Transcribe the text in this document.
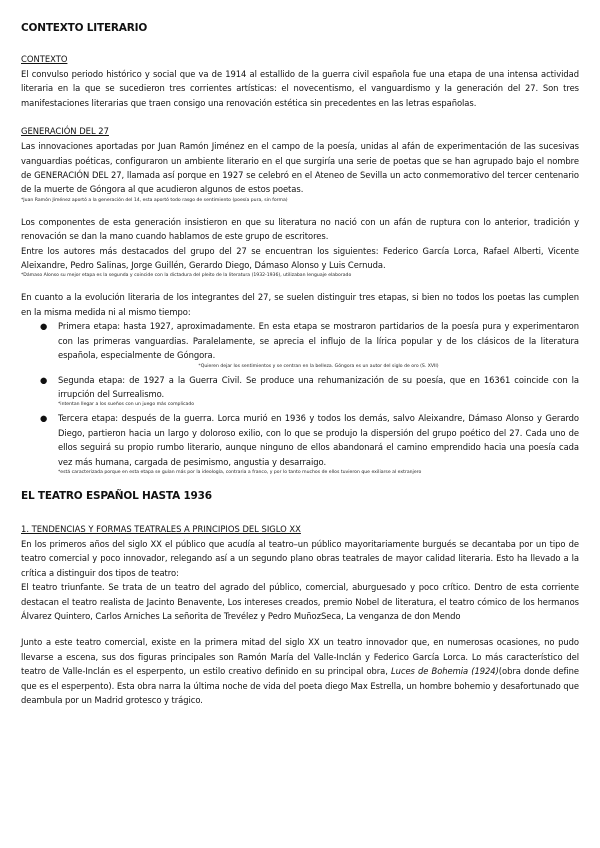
CONTEXTO LITERARIO

CONTEXTO

El convulso periodo histórico y social que va de 1914 al estallido de la guerra civil española fue una etapa de una intensa actividad literaria en la que se sucedieron tres corrientes artísticas: el novecentismo, el vanguardismo y la generación del 27. Son tres manifestaciones literarias que traen consigo una renovación estética sin precedentes en las letras españolas.

GENERACIÓN DEL 27

Las innovaciones aportadas por Juan Ramón Jiménez en el campo de la poesía, unidas al afán de experimentación de las sucesivas vanguardias poéticas, configuraron un ambiente literario en el que surgiría una serie de poetas que se han agrupado bajo el nombre de GENERACIÓN DEL 27, llamada así porque en 1927 se celebró en el Ateneo de Sevilla un acto conmemorativo del tercer centenario de la muerte de Góngora al que acudieron algunos de estos poetas.

*Juan Ramón Jiménez aportó a la generación del 14, esta aportó todo rasgo de sentimiento (poesía pura, sin forma)

Los componentes de esta generación insistieron en que su literatura no nació con un afán de ruptura con lo anterior, tradición y renovación se dan la mano cuando hablamos de este grupo de escritores.

Entre los autores más destacados del grupo del 27 se encuentran los siguientes: Federico García Lorca, Rafael Alberti, Vicente Aleixandre, Pedro Salinas, Jorge Guillén, Gerardo Diego, Dámaso Alonso y Luis Cernuda.

*Dámaso Alonso su mejor etapa es la segunda y coincide con la dictadura del pleito de la literatura (1932-1936), utilizaban lenguaje elaborado

En cuanto a la evolución literaria de los integrantes del 27, se suelen distinguir tres etapas, si bien no todos los poetas las cumplen en la misma medida ni al mismo tiempo:

● Primera etapa: hasta 1927, aproximadamente. En esta etapa se mostraron partidarios de la poesía pura y experimentaron con las primeras vanguardias. Paralelamente, se aprecia el influjo de la lírica popular y de los clásicos de la literatura española, especialmente de Góngora.

*Quieren dejar los sentimientos y se centran en la belleza. Góngora es un autor del siglo de oro (S. XVII)

● Segunda etapa: de 1927 a la Guerra Civil. Se produce una rehumanización de su poesía, que en 16361 coincide con la irrupción del Surrealismo.

*intentan llegar a los sueños con un juego más complicado

● Tercera etapa: después de la guerra. Lorca murió en 1936 y todos los demás, salvo Aleixandre, Dámaso Alonso y Gerardo Diego, partieron hacia un largo y doloroso exilio, con lo que se produjo la dispersión del grupo poético del 27. Cada uno de ellos seguirá su propio rumbo literario, aunque ninguno de ellos abandonará el camino emprendido hacia una poesía cada vez más humana, cargada de pesimismo, angustia y desarraigo.

*está caracterizada porque en esta etapa se guían más por la ideología, contraria a franco, y por lo tanto muchos de ellos tuvieron que exiliarse al extranjero

EL TEATRO ESPAÑOL HASTA 1936

1. TENDENCIAS Y FORMAS TEATRALES A PRINCIPIOS DEL SIGLO XX

En los primeros años del siglo XX el público que acudía al teatro–un público mayoritariamente burgués se decantaba por un tipo de teatro comercial y poco innovador, relegando así a un segundo plano obras teatrales de mayor calidad literaria. Esto ha llevado a la crítica a distinguir dos tipos de teatro:

El teatro triunfante. Se trata de un teatro del agrado del público, comercial, aburguesado y poco crítico. Dentro de esta corriente destacan el teatro realista de Jacinto Benavente, Los intereses creados, premio Nobel de literatura, el teatro cómico de los hermanos Álvarez Quintero, Carlos Arniches La señorita de Trevélez y Pedro MuñozSeca, La venganza de don Mendo

Junto a este teatro comercial, existe en la primera mitad del siglo XX un teatro innovador que, en numerosas ocasiones, no pudo llevarse a escena, sus dos figuras principales son Ramón María del Valle-Inclán y Federico García Lorca. Lo más característico del teatro de Valle-Inclán es el esperpento, un estilo creativo definido en su principal obra, Luces de Bohemia (1924)(obra donde define que es el esperpento). Esta obra narra la última noche de vida del poeta diego Max Estrella, un hombre bohemio y desafortunado que deambula por un Madrid grotesco y trágico.
